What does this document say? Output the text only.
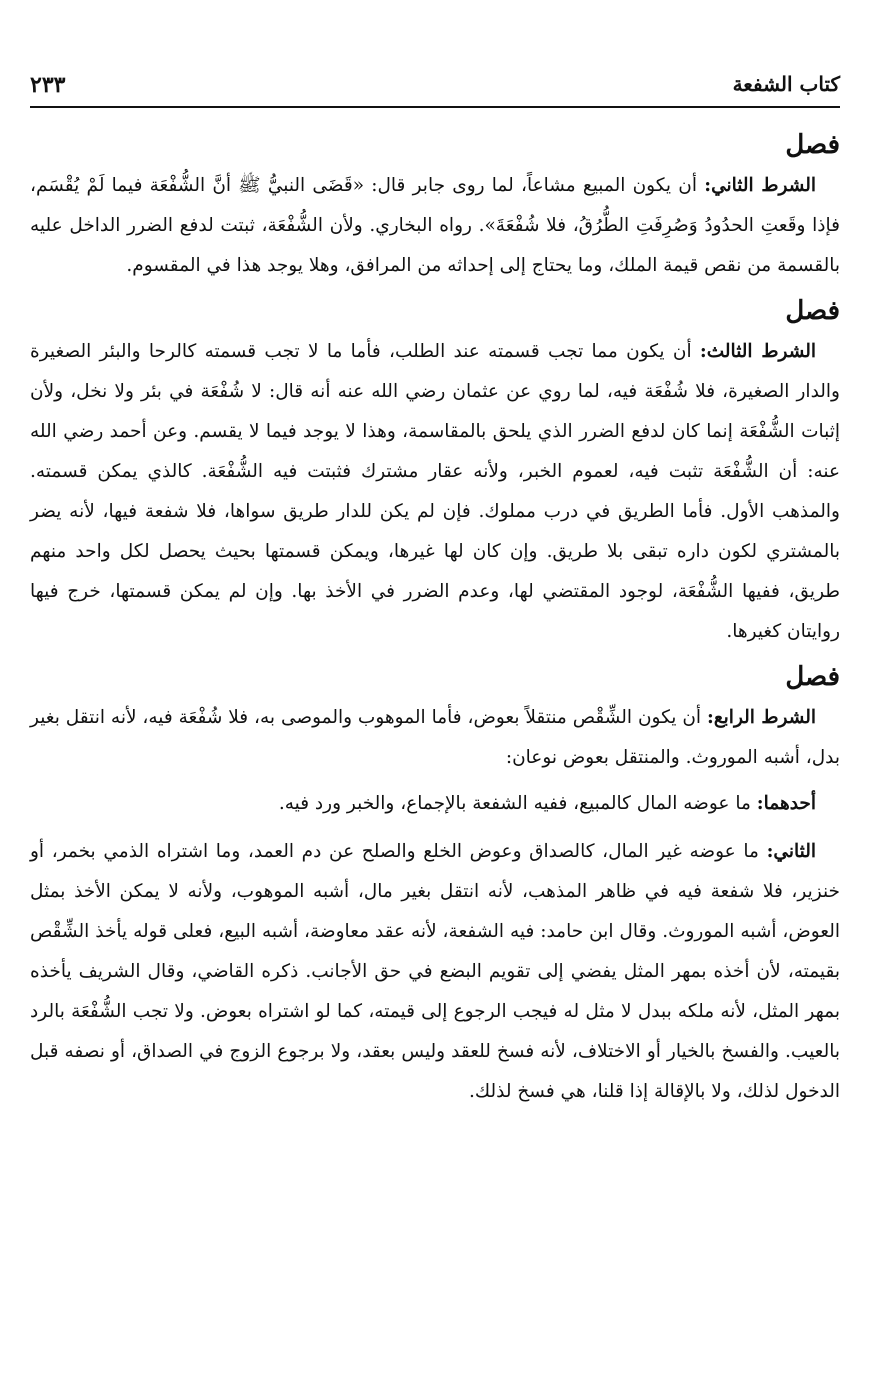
كتاب الشفعة
٢٣٣
فصل

الشرط الثاني: أن يكون المبيع مشاعاً، لما روى جابر قال: «قَضَى النبيُّ ﷺ أنَّ الشُّفْعَة فيما لَمْ يُقْسَم، فإذا وقَعتِ الحدُودُ وَصُرِفَتِ الطُّرُقُ، فلا شُفْعَةَ». رواه البخاري. ولأن الشُّفْعَة، ثبتت لدفع الضرر الداخل عليه بالقسمة من نقص قيمة الملك، وما يحتاج إلى إحداثه من المرافق، وهلا يوجد هذا في المقسوم.

فصل

الشرط الثالث: أن يكون مما تجب قسمته عند الطلب، فأما ما لا تجب قسمته كالرحا والبئر الصغيرة والدار الصغيرة، فلا شُفْعَة فيه، لما روي عن عثمان رضي الله عنه أنه قال: لا شُفْعَة في بئر ولا نخل، ولأن إثبات الشُّفْعَة إنما كان لدفع الضرر الذي يلحق بالمقاسمة، وهذا لا يوجد فيما لا يقسم. وعن أحمد رضي الله عنه: أن الشُّفْعَة تثبت فيه، لعموم الخبر، ولأنه عقار مشترك فثبتت فيه الشُّفْعَة. كالذي يمكن قسمته. والمذهب الأول. فأما الطريق في درب مملوك. فإن لم يكن للدار طريق سواها، فلا شفعة فيها، لأنه يضر بالمشتري لكون داره تبقى بلا طريق. وإن كان لها غيرها، ويمكن قسمتها بحيث يحصل لكل واحد منهم طريق، ففيها الشُّفْعَة، لوجود المقتضي لها، وعدم الضرر في الأخذ بها. وإن لم يمكن قسمتها، خرج فيها روايتان كغيرها.

فصل

الشرط الرابع: أن يكون الشِّقْص منتقلاً بعوض، فأما الموهوب والموصى به، فلا شُفْعَة فيه، لأنه انتقل بغير بدل، أشبه الموروث. والمنتقل بعوض نوعان:

أحدهما: ما عوضه المال كالمبيع، ففيه الشفعة بالإجماع، والخبر ورد فيه.

الثاني: ما عوضه غير المال، كالصداق وعوض الخلع والصلح عن دم العمد، وما اشتراه الذمي بخمر، أو خنزير، فلا شفعة فيه في ظاهر المذهب، لأنه انتقل بغير مال، أشبه الموهوب، ولأنه لا يمكن الأخذ بمثل العوض، أشبه الموروث. وقال ابن حامد: فيه الشفعة، لأنه عقد معاوضة، أشبه البيع، فعلى قوله يأخذ الشِّقْص بقيمته، لأن أخذه بمهر المثل يفضي إلى تقويم البضع في حق الأجانب. ذكره القاضي، وقال الشريف يأخذه بمهر المثل، لأنه ملكه ببدل لا مثل له فيجب الرجوع إلى قيمته، كما لو اشتراه بعوض. ولا تجب الشُّفْعَة بالرد بالعيب. والفسخ بالخيار أو الاختلاف، لأنه فسخ للعقد وليس بعقد، ولا برجوع الزوج في الصداق، أو نصفه قبل الدخول لذلك، ولا بالإقالة إذا قلنا، هي فسخ لذلك.
